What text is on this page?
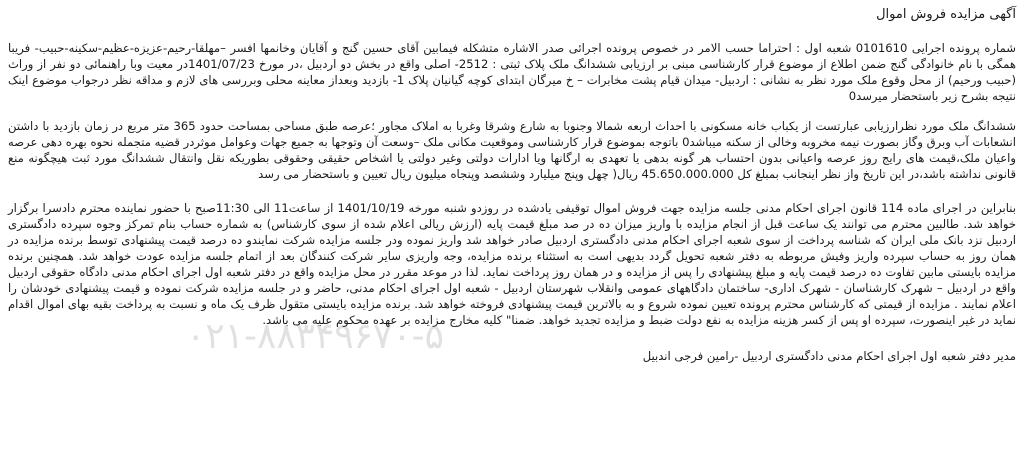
آگهی مزایده فروش اموال

شماره پرونده اجرایی 0101610 شعبه اول : احتراما حسب الامر در خصوص پرونده اجرائی صدر الاشاره متشکله فیمابین آقای حسین گنج و آقایان وخانمها افسر –مهلقا-رحیم-عزیزه-عظیم-سکینه-حبیب- فریبا همگی با نام خانوادگی گنج ضمن اطلاع از موضوع قرار کارشناسی مبنی بر ارزیابی ششدانگ ملک پلاک ثبتی : 2512- اصلی واقع در بخش دو اردبیل ،در مورخ 1401/07/23در معیت وبا راهنمائی دو نفر از وراث (حبیب ورحیم) از محل وقوع ملک مورد نظر به نشانی : اردبیل- میدان قیام پشت مخابرات – خ میرگان ابتدای کوچه گیانیان پلاک 1- بازدید وبعداز معاینه محلی وبررسی های لازم و مداقه نظر درجواب موضوع اینک نتیجه بشرح زیر باستحضار میرسد0

ششدانگ ملک مورد نظرارزیابی عبارتست از یکباب خانه مسکونی با احداث اربعه شمالا وجنوبا به شارع وشرقا وغربا به املاک مجاور ؛عرصه طبق مساحی بمساحت حدود 365 متر مربع در زمان بازدید با داشتن انشعابات آب وبرق وگاز بصورت نیمه مخروبه وخالی از سکنه میباشد0 باتوجه بموضوع قرار کارشناسی وموقعیت مکانی ملک –وسعت آن وتوجها به جمیع جهات وعوامل موثردر قضیه متجمله نحوه بهره دهی عرصه واعیان ملک،قیمت های رایج روز عرصه واعیانی بدون احتساب هر گونه بدهی یا تعهدی به ارگانها ویا ادارات دولتی وغیر دولتی یا اشخاص حقیقی وحقوقی بطوریکه نقل وانتقال ششدانگ مورد ثبت هیچگونه منع قانونی نداشته باشد،در این تاریخ واز نظر اینجانب بمبلغ کل 45.650.000.000 ریال( چهل وپنج میلیارد وششصد وپنجاه میلیون ریال تعیین و باستحضار می رسد

بنابراین در اجرای ماده 114 قانون اجرای احکام مدنی جلسه مزایده جهت فروش اموال توقیفی یادشده در روزدو شنبه مورخه 1401/10/19 از ساعت11 الی 11:30صبح با حضور نماینده محترم دادسرا برگزار خواهد شد. طالبین محترم می توانند یک ساعت قبل از انجام مزایده با واریز میزان ده در صد مبلغ قیمت پایه (ارزش ریالی اعلام شده از سوی کارشناس) به شماره حساب بنام تمرکز وجوه سپرده دادگستری اردبیل نزد بانک ملی ایران که شناسه پرداخت از سوی شعبه اجرای احکام مدنی دادگستری اردبیل صادر خواهد شد واریز نموده ودر جلسه مزایده شرکت نمایندو ده درصد قیمت پیشنهادی توسط برنده مزایده در همان روز به حساب سپرده واریز وفیش مربوطه به دفتر شعبه تحویل گردد بدیهی است به استثناء برنده مزایده، وجه واریزی سایر شرکت کنندگان بعد از اتمام جلسه مزایده عودت خواهد شد. همچنین برنده مزایده بایستی مابین تفاوت ده درصد قیمت پایه و مبلغ پیشنهادی را پس از مزایده و در همان روز پرداخت نماید. لذا در موعد مقرر در محل مزایده واقع در دفتر شعبه اول اجرای احکام مدنی دادگاه حقوقی اردبیل واقع در اردبیل – شهرک کارشناسان - شهرک اداری- ساختمان دادگاههای عمومی وانقلاب شهرستان اردبیل - شعبه اول اجرای احکام مدنی، حاضر و در جلسه مزایده شرکت نموده و قیمت پیشنهادی خودشان را اعلام نمایند . مزایده از قیمتی که کارشناس محترم پرونده تعیین نموده شروع و به بالاترین قیمت پیشنهادی فروخته خواهد شد. برنده مزایده بایستی متقول ظرف یک ماه و نسبت به پرداخت بقیه بهای اموال اقدام نماید در غیر اینصورت، سپرده او پس از کسر هزینه مزایده به نفع دولت ضبط و مزایده تجدید خواهد. ضمنا" کلیه مخارج مزایده بر عهده محکوم علیه می باشد.

مدیر دفتر شعبه اول اجرای احکام مدنی دادگستری اردبیل -رامین فرجی اندبیل

۰۲۱-۸۸۳۴۹۶۷۰-۵
